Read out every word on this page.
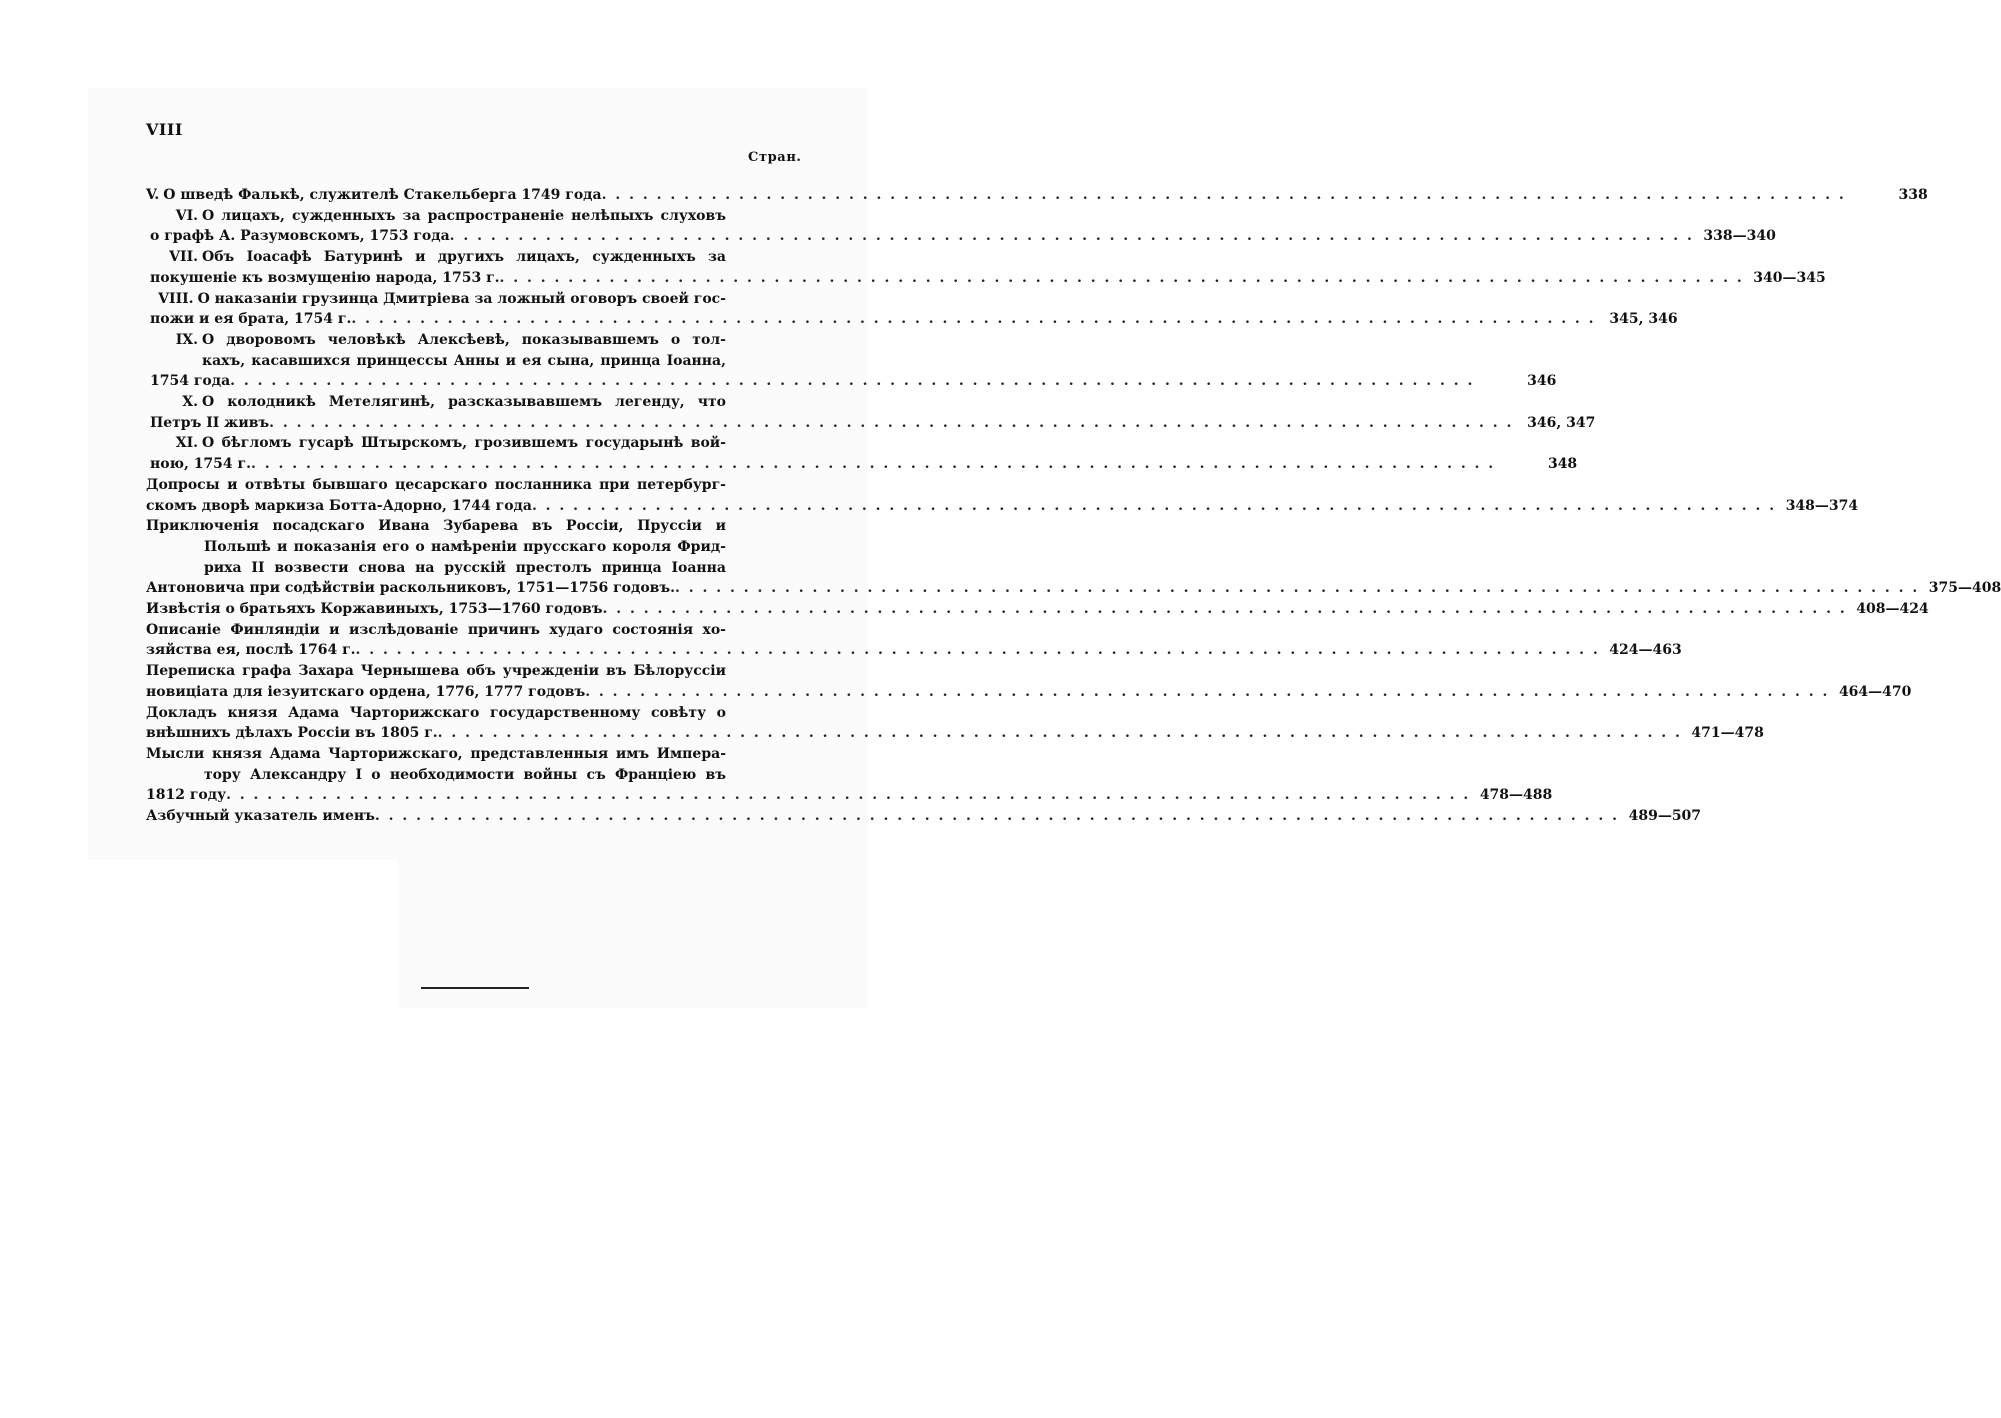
VIII
Стран.
V. О шведѣ Фалькѣ, служителѣ Стакельберга 1749 года . . .	338
VI. О лицахъ, сужденныхъ за распространеніе нелѣпыхъ слуховъ
о графѣ А. Разумовскомъ, 1753 года . . .	338—340
VII. Объ Іоасафѣ Батуринѣ и другихъ лицахъ, сужденныхъ за
покушеніе къ возмущенію народа, 1753 г. . . .	340—345
VIII. О наказаніи грузинца Дмитріева за ложный оговоръ своей гос-
пожи и ея брата, 1754 г. . . .	345, 346
IX. О дворовомъ человѣкѣ Алексѣевѣ, показывавшемъ о тол-
кахъ, касавшихся принцессы Анны и ея сына, принца Іоанна,
1754 года . . .	346
X. О колодникѣ Метелягинѣ, разсказывавшемъ легенду, что
Петръ II живъ . . .	346, 347
XI. О бѣгломъ гусарѣ Штырскомъ, грозившемъ государынѣ вой-
ною, 1754 г. . . .	348
Допросы и отвѣты бывшаго цесарскаго посланника при петербург-
скомъ дворѣ маркиза Ботта-Адорно, 1744 года . . .	348—374
Приключенія посадскаго Ивана Зубарева въ Россіи, Пруссіи и
Польшѣ и показанія его о намѣреніи прусскаго короля Фрид-
риха II возвести снова на русскій престолъ принца Іоанна
Антоновича при содѣйствіи раскольниковъ, 1751—1756 годовъ. . . .	375—408
Извѣстія о братьяхъ Коржавиныхъ, 1753—1760 годовъ . . .	408—424
Описаніе Финляндіи и изслѣдованіе причинъ худаго состоянія хо-
зяйства ея, послѣ 1764 г. . . .	424—463
Переписка графа Захара Чернышева объ учрежденіи въ Бѣлоруссіи
новиціата для іезуитскаго ордена, 1776, 1777 годовъ . . .	464—470
Докладъ князя Адама Чарторижскаго государственному совѣту о
внѣшнихъ дѣлахъ Россіи въ 1805 г. . . .	471—478
Мысли князя Адама Чарторижскаго, представленныя имъ Импера-
тору Александру I о необходимости войны съ Франціею въ
1812 году . . .	478—488
Азбучный указатель именъ . . .	489—507
